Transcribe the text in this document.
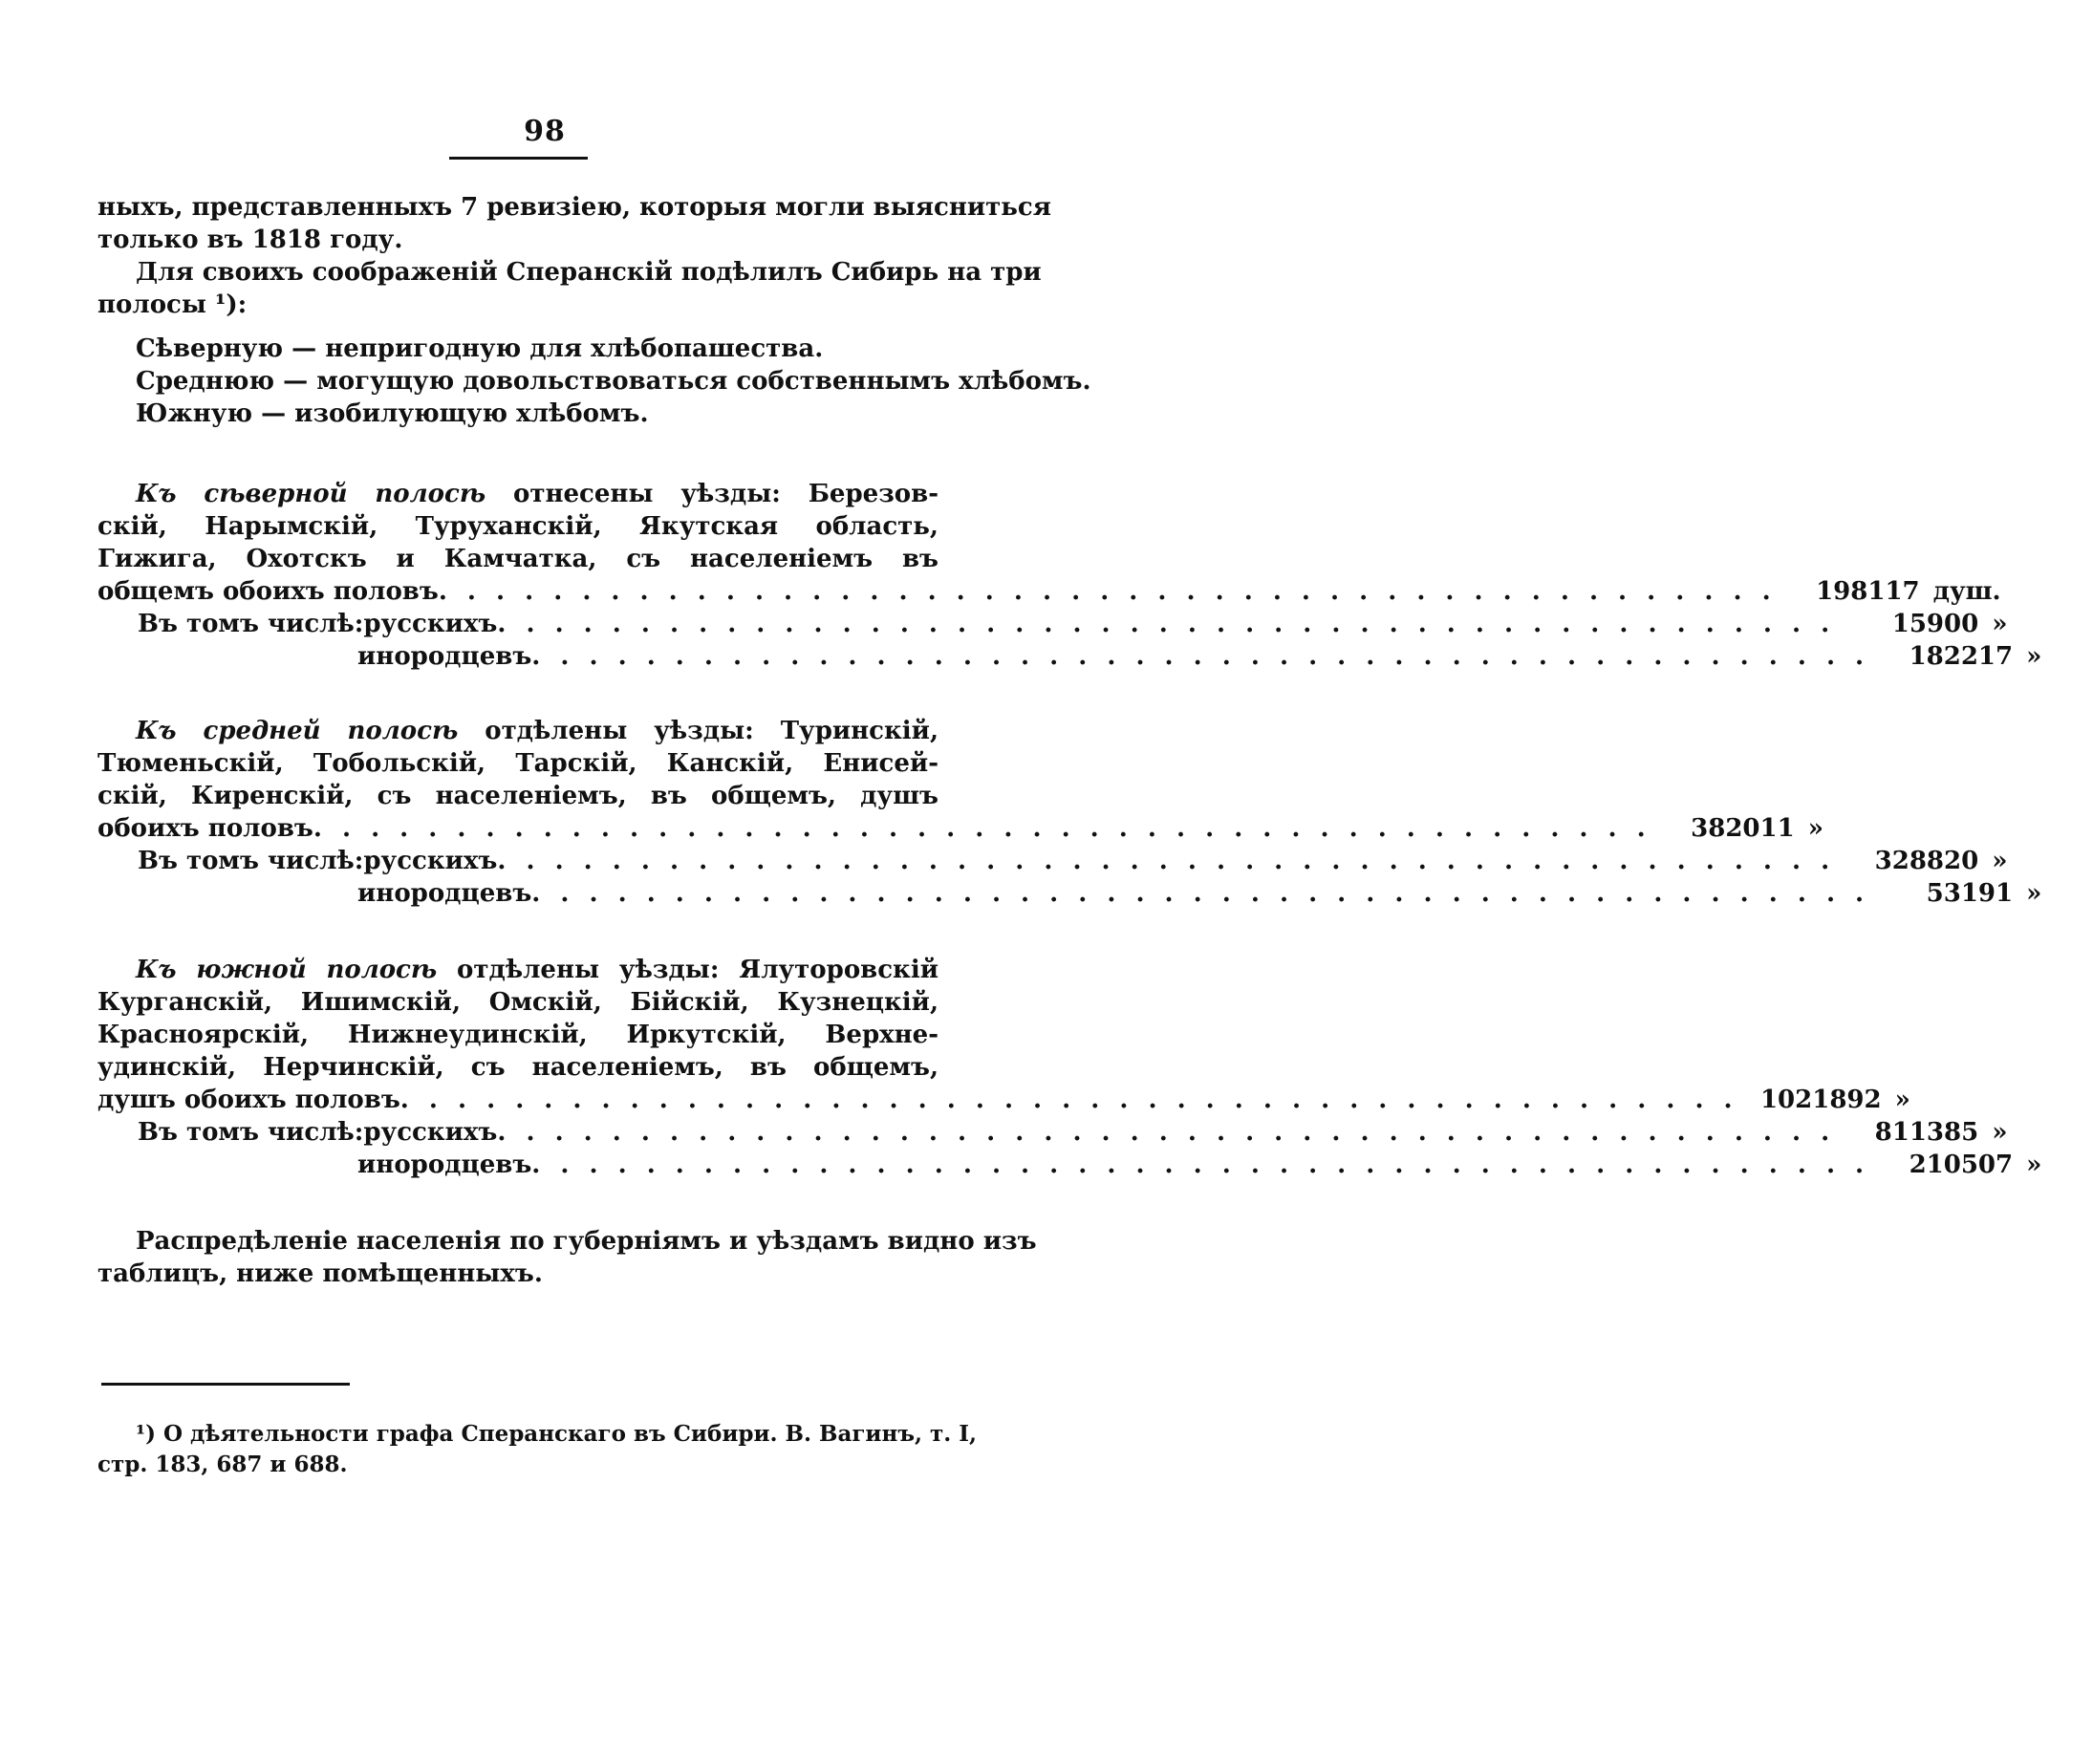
98
ныхъ, представленныхъ 7 ревизіею, которыя могли выясниться
только въ 1818 году.
Для своихъ соображеній Сперанскій подѣлилъ Сибирь на три
полосы ¹):
Сѣверную — непригодную для хлѣбопашества.
Среднюю — могущую довольствоваться собственнымъ хлѣбомъ.
Южную — изобилующую хлѣбомъ.
Къ сѣверной полосѣ отнесены уѣзды: Березов-
скій, Нарымскій, Туруханскій, Якутская область,
Гижига, Охотскъ и Камчатка, съ населеніемъ въ
общемъ обоихъ половъ . . .	198117 душ.
Въ томъ числѣ: русскихъ . . .	15900 »
инородцевъ . . .	182217 »
Къ средней полосѣ отдѣлены уѣзды: Туринскій,
Тюменьскій, Тобольскій, Тарскій, Канскій, Енисей-
скій, Киренскій, съ населеніемъ, въ общемъ, душъ
обоихъ половъ . . .	382011 »
Въ томъ числѣ: русскихъ . . .	328820 »
инородцевъ . . .	53191 »
Къ южной полосѣ отдѣлены уѣзды: Ялуторовскій
Курганскій, Ишимскій, Омскій, Бійскій, Кузнецкій,
Красноярскій, Нижнеудинскій, Иркутскій, Верхне-
удинскій, Нерчинскій, съ населеніемъ, въ общемъ,
душъ обоихъ половъ . . .	1021892 »
Въ томъ числѣ: русскихъ . . .	811385 »
инородцевъ . . .	210507 »
Распредѣленіе населенія по губерніямъ и уѣздамъ видно изъ
таблицъ, ниже помѣщенныхъ.
¹) О дѣятельности графа Сперанскаго въ Сибири. В. Вагинъ, т. I,
стр. 183, 687 и 688.
